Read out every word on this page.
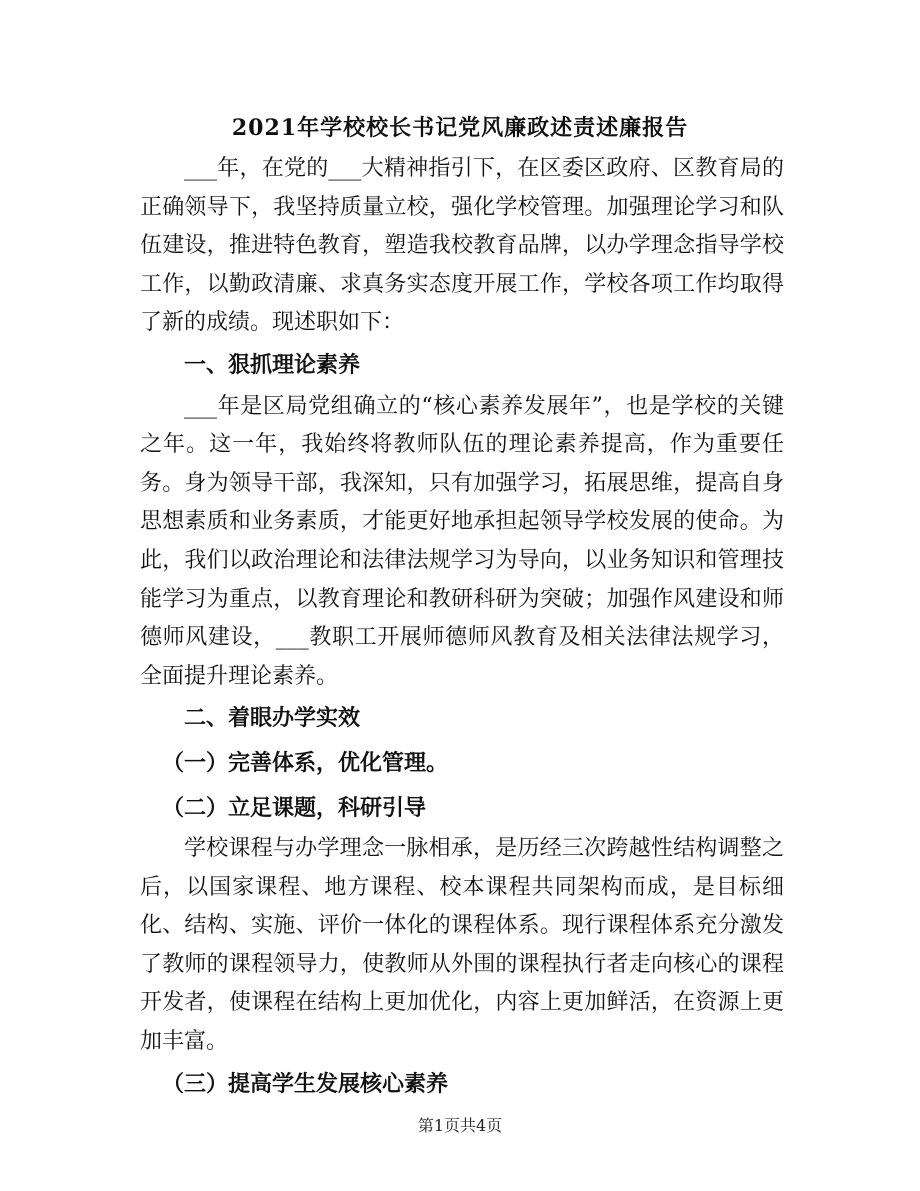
2021年学校校长书记党风廉政述责述廉报告

___年，在党的___大精神指引下，在区委区政府、区教育局的正确领导下，我坚持质量立校，强化学校管理。加强理论学习和队伍建设，推进特色教育，塑造我校教育品牌，以办学理念指导学校工作，以勤政清廉、求真务实态度开展工作，学校各项工作均取得了新的成绩。现述职如下：

一、狠抓理论素养

___年是区局党组确立的“核心素养发展年”，也是学校的关键之年。这一年，我始终将教师队伍的理论素养提高，作为重要任务。身为领导干部，我深知，只有加强学习，拓展思维，提高自身思想素质和业务素质，才能更好地承担起领导学校发展的使命。为此，我们以政治理论和法律法规学习为导向，以业务知识和管理技能学习为重点，以教育理论和教研科研为突破；加强作风建设和师德师风建设，___教职工开展师德师风教育及相关法律法规学习，全面提升理论素养。

二、着眼办学实效

（一）完善体系，优化管理。

（二）立足课题，科研引导

学校课程与办学理念一脉相承，是历经三次跨越性结构调整之后，以国家课程、地方课程、校本课程共同架构而成，是目标细化、结构、实施、评价一体化的课程体系。现行课程体系充分激发了教师的课程领导力，使教师从外围的课程执行者走向核心的课程开发者，使课程在结构上更加优化，内容上更加鲜活，在资源上更加丰富。

（三）提高学生发展核心素养

第1页共4页
